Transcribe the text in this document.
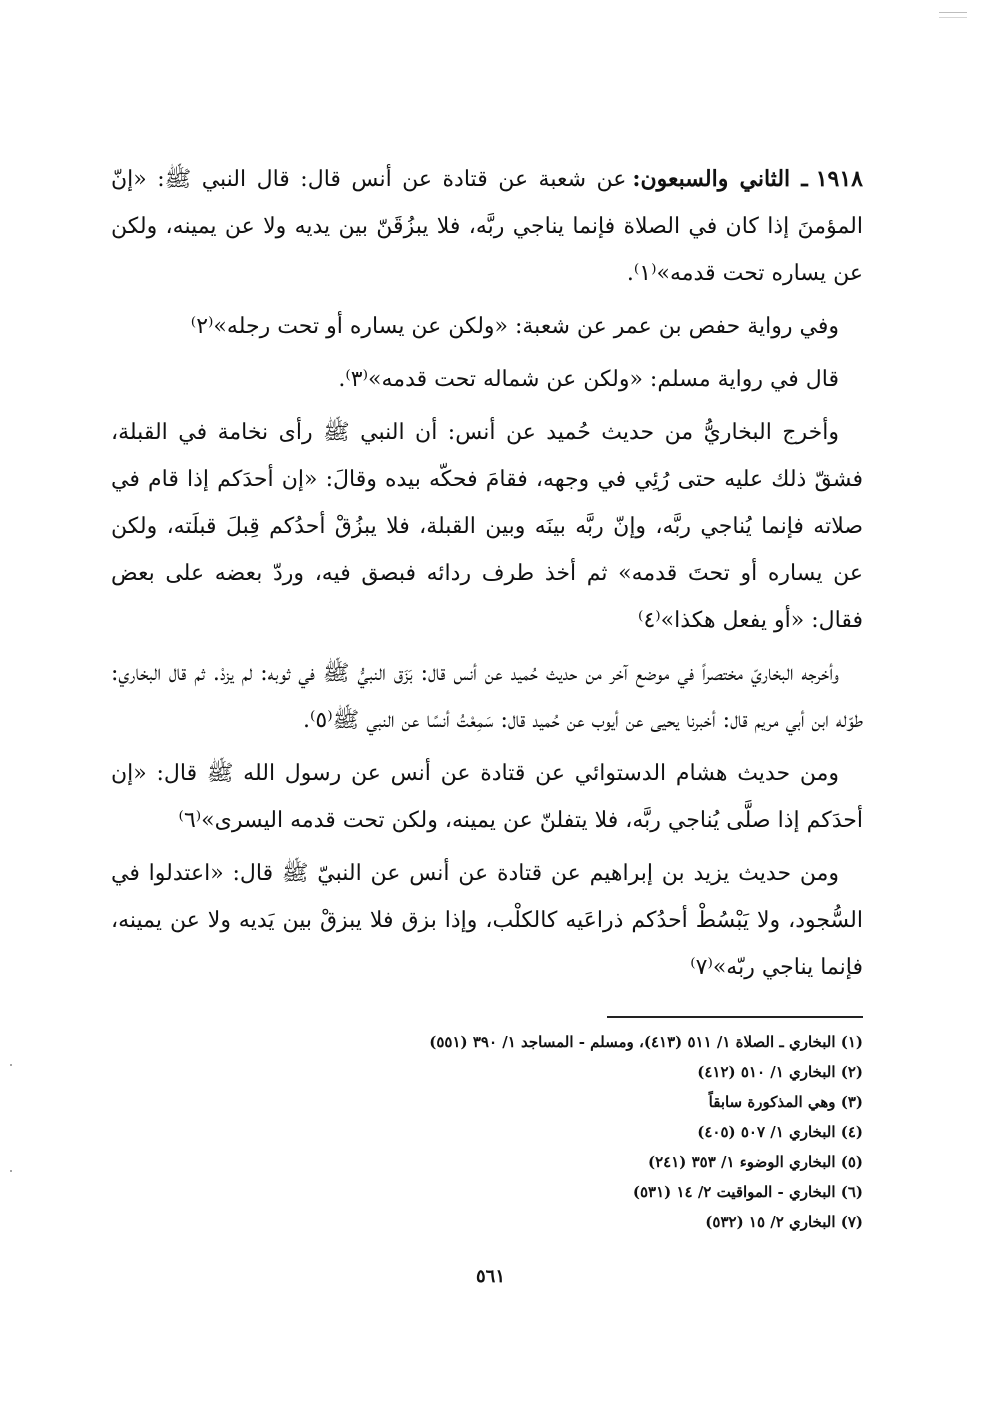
١٩١٨ـ الثاني والسبعون:عن شعبة عن قتادة عن أنس قال: قال النبي ﷺ: «إنّ المؤمنَ إذا كان في الصلاة فإنما يناجي ربَّه، فلا يبزُقَنّ بين يديه ولا عن يمينه، ولكن عن يساره تحت قدمه»⁽١⁾.

وفي رواية حفص بن عمر عن شعبة: «ولكن عن يساره أو تحت رجله»⁽٢⁾

قال في رواية مسلم: «ولكن عن شماله تحت قدمه»⁽٣⁾.

وأخرج البخاريُّ من حديث حُميد عن أنس: أن النبي ﷺ رأى نخامة في القبلة، فشقّ ذلك عليه حتى رُئِي في وجهه، فقامَ فحكّه بيده وقالَ: «إن أحدَكم إذا قام في صلاته فإنما يُناجي ربَّه، وإنّ ربَّه بينَه وبين القبلة، فلا يبزُقْ أحدُكم قِبلَ قبلَته، ولكن عن يساره أو تحتَ قدمه» ثم أخذ طرف ردائه فبصق فيه، وردّ بعضه على بعض فقال: «أو يفعل هكذا»⁽٤⁾

وأخرجه البخاريّ مختصراً في موضع آخر من حديث حُميد عن أنس قال: بَزَق النبيُّ ﷺ في ثوبه: لم يزدْ. ثم قال البخاري: طوّله ابن أبي مريم قال: أخبرنا يحيى عن أيوب عن حُميد قال: سَمِعْتُ أنسًا عن النبي ﷺ⁽٥⁾.

ومن حديث هشام الدستوائي عن قتادة عن أنس عن رسول الله ﷺ قال: «إن أحدَكم إذا صلَّى يُناجي ربَّه، فلا يتفلنّ عن يمينه، ولكن تحت قدمه اليسرى»⁽٦⁾

ومن حديث يزيد بن إبراهيم عن قتادة عن أنس عن النبيّ ﷺ قال: «اعتدلوا في السُّجود، ولا يَبْسُطْ أحدُكم ذراعَيه كالكلْب، وإذا بزق فلا يبزقْ بين يَديه ولا عن يمينه، فإنما يناجي ربّه»⁽٧⁾

(١) البخاري ـ الصلاة ١/ ٥١١ (٤١٣)، ومسلم - المساجد ١/ ٣٩٠ (٥٥١)
(٢) البخاري ١/ ٥١٠ (٤١٢)
(٣) وهي المذكورة سابقاً
(٤) البخاري ١/ ٥٠٧ (٤٠٥)
(٥) البخاري الوضوء ١/ ٣٥٣ (٢٤١)
(٦) البخاري - المواقيت ٢/ ١٤ (٥٣١)
(٧) البخاري ٢/ ١٥ (٥٣٢)
٥٦١
